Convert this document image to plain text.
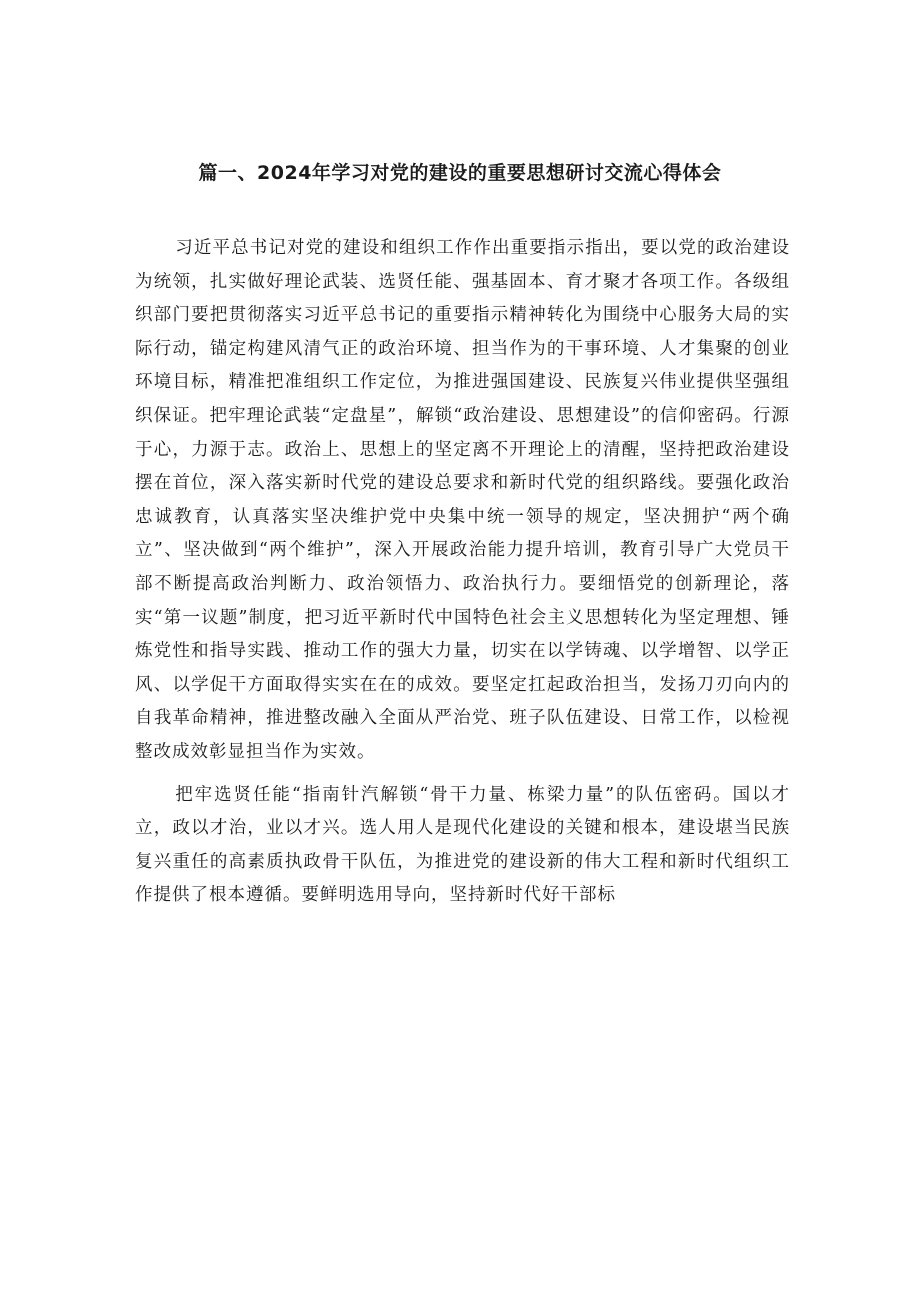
篇一、2024年学习对党的建设的重要思想研讨交流心得体会

习近平总书记对党的建设和组织工作作出重要指示指出，要以党的政治建设为统领，扎实做好理论武装、选贤任能、强基固本、育才聚才各项工作。各级组织部门要把贯彻落实习近平总书记的重要指示精神转化为围绕中心服务大局的实际行动，锚定构建风清气正的政治环境、担当作为的干事环境、人才集聚的创业环境目标，精准把准组织工作定位，为推进强国建设、民族复兴伟业提供坚强组织保证。把牢理论武装“定盘星”，解锁“政治建设、思想建设”的信仰密码。行源于心，力源于志。政治上、思想上的坚定离不开理论上的清醒，坚持把政治建设摆在首位，深入落实新时代党的建设总要求和新时代党的组织路线。要强化政治忠诚教育，认真落实坚决维护党中央集中统一领导的规定，坚决拥护“两个确立”、坚决做到“两个维护”，深入开展政治能力提升培训，教育引导广大党员干部不断提高政治判断力、政治领悟力、政治执行力。要细悟党的创新理论，落实“第一议题”制度，把习近平新时代中国特色社会主义思想转化为坚定理想、锤炼党性和指导实践、推动工作的强大力量，切实在以学铸魂、以学增智、以学正风、以学促干方面取得实实在在的成效。要坚定扛起政治担当，发扬刀刃向内的自我革命精神，推进整改融入全面从严治党、班子队伍建设、日常工作，以检视整改成效彰显担当作为实效。

把牢选贤任能“指南针汽解锁“骨干力量、栋梁力量”的队伍密码。国以才立，政以才治，业以才兴。选人用人是现代化建设的关键和根本，建设堪当民族复兴重任的高素质执政骨干队伍，为推进党的建设新的伟大工程和新时代组织工作提供了根本遵循。要鲜明选用导向，坚持新时代好干部标
